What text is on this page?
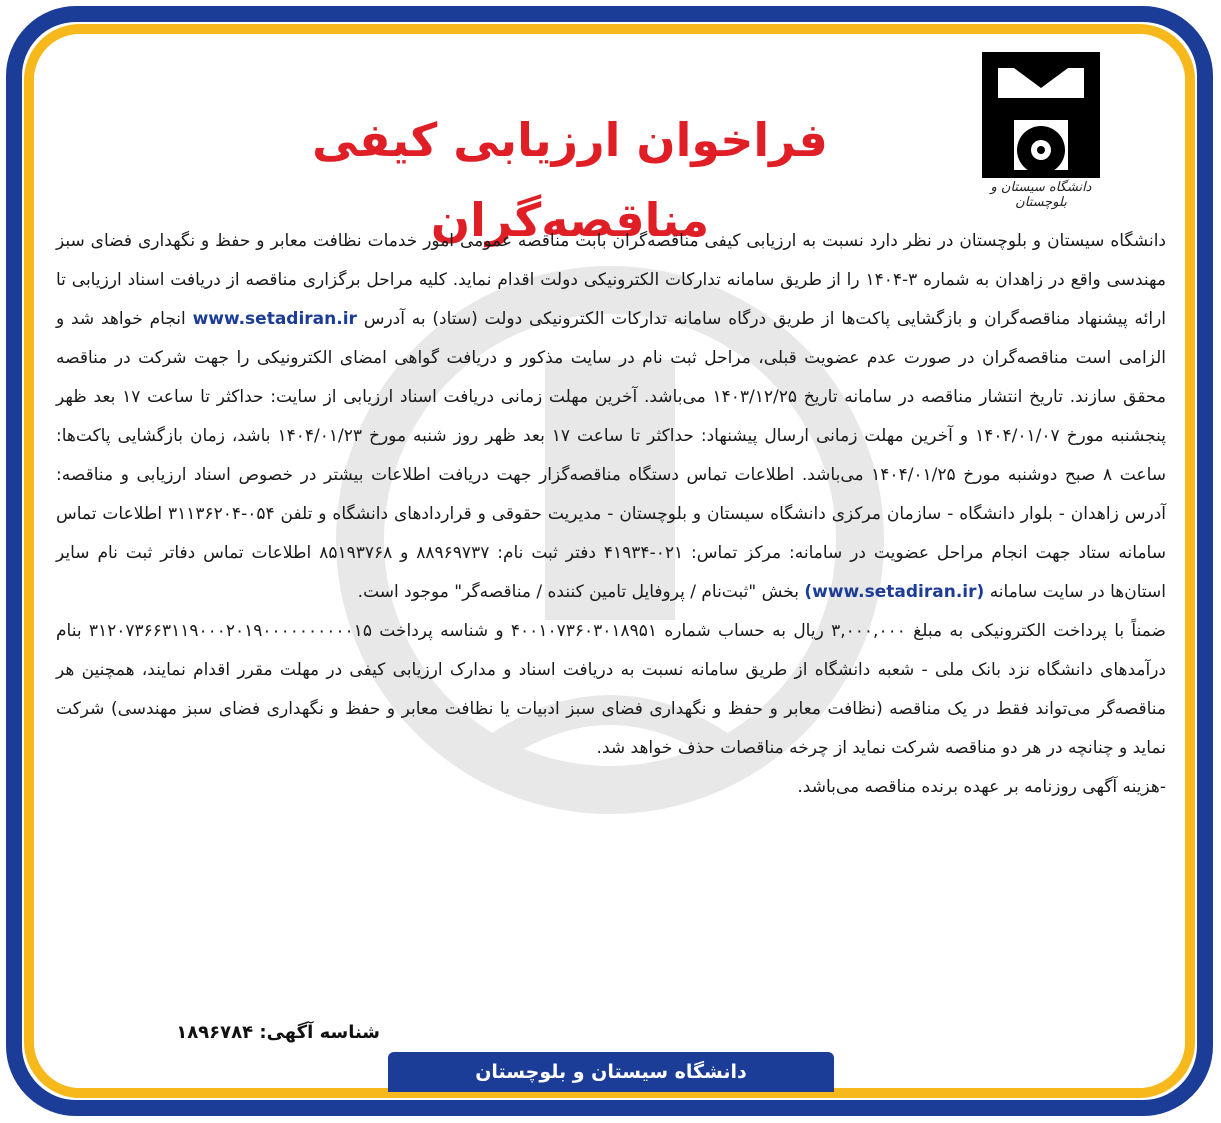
دانشگاه سیستان و بلوچستان
فراخوان ارزیابی کیفی مناقصه‌گران

دانشگاه سیستان و بلوچستان در نظر دارد نسبت به ارزیابی کیفی مناقصه‌گران بابت مناقصه عمومی امور خدمات نظافت معابر و حفظ و نگهداری فضای سبز مهندسی واقع در زاهدان به شماره ۳-۱۴۰۴ را از طریق سامانه تدارکات الکترونیکی دولت اقدام نماید. کلیه مراحل برگزاری مناقصه از دریافت اسناد ارزیابی تا ارائه پیشنهاد مناقصه‌گران و بازگشایی پاکت‌ها از طریق درگاه سامانه تدارکات الکترونیکی دولت (ستاد) به آدرس www.setadiran.ir انجام خواهد شد و الزامی است مناقصه‌گران در صورت عدم عضویت قبلی، مراحل ثبت نام در سایت مذکور و دریافت گواهی امضای الکترونیکی را جهت شرکت در مناقصه محقق سازند. تاریخ انتشار مناقصه در سامانه تاریخ ۱۴۰۳/۱۲/۲۵ می‌باشد. آخرین مهلت زمانی دریافت اسناد ارزیابی از سایت: حداکثر تا ساعت ۱۷ بعد ظهر پنجشنبه مورخ ۱۴۰۴/۰۱/۰۷ و آخرین مهلت زمانی ارسال پیشنهاد: حداکثر تا ساعت ۱۷ بعد ظهر روز شنبه مورخ ۱۴۰۴/۰۱/۲۳ باشد، زمان بازگشایی پاکت‌ها: ساعت ۸ صبح دوشنبه مورخ ۱۴۰۴/۰۱/۲۵ می‌باشد. اطلاعات تماس دستگاه مناقصه‌گزار جهت دریافت اطلاعات بیشتر در خصوص اسناد ارزیابی و مناقصه: آدرس زاهدان - بلوار دانشگاه - سازمان مرکزی دانشگاه سیستان و بلوچستان - مدیریت حقوقی و قراردادهای دانشگاه و تلفن ۰۵۴-۳۱۱۳۶۲۰۴ اطلاعات تماس سامانه ستاد جهت انجام مراحل عضویت در سامانه: مرکز تماس: ۰۲۱-۴۱۹۳۴ دفتر ثبت نام: ۸۸۹۶۹۷۳۷ و ۸۵۱۹۳۷۶۸ اطلاعات تماس دفاتر ثبت نام سایر استان‌ها در سایت سامانه (www.setadiran.ir) بخش "ثبت‌نام / پروفایل تامین کننده / مناقصه‌گر" موجود است.

ضمناً با پرداخت الکترونیکی به مبلغ ۳,۰۰۰,۰۰۰ ریال به حساب شماره ۴۰۰۱۰۷۳۶۰۳۰۱۸۹۵۱ و شناسه پرداخت ۳۱۲۰۷۳۶۶۳۱۱۹۰۰۰۲۰۱۹۰۰۰۰۰۰۰۰۰۰۱۵ بنام درآمدهای دانشگاه نزد بانک ملی - شعبه دانشگاه از طریق سامانه نسبت به دریافت اسناد و مدارک ارزیابی کیفی در مهلت مقرر اقدام نمایند، همچنین هر مناقصه‌گر می‌تواند فقط در یک مناقصه (نظافت معابر و حفظ و نگهداری فضای سبز ادبیات یا نظافت معابر و حفظ و نگهداری فضای سبز مهندسی) شرکت نماید و چنانچه در هر دو مناقصه شرکت نماید از چرخه مناقصات حذف خواهد شد.

-هزینه آگهی روزنامه بر عهده برنده مناقصه می‌باشد.

شناسه آگهی: ۱۸۹۶۷۸۴
دانشگاه سیستان و بلوچستان
